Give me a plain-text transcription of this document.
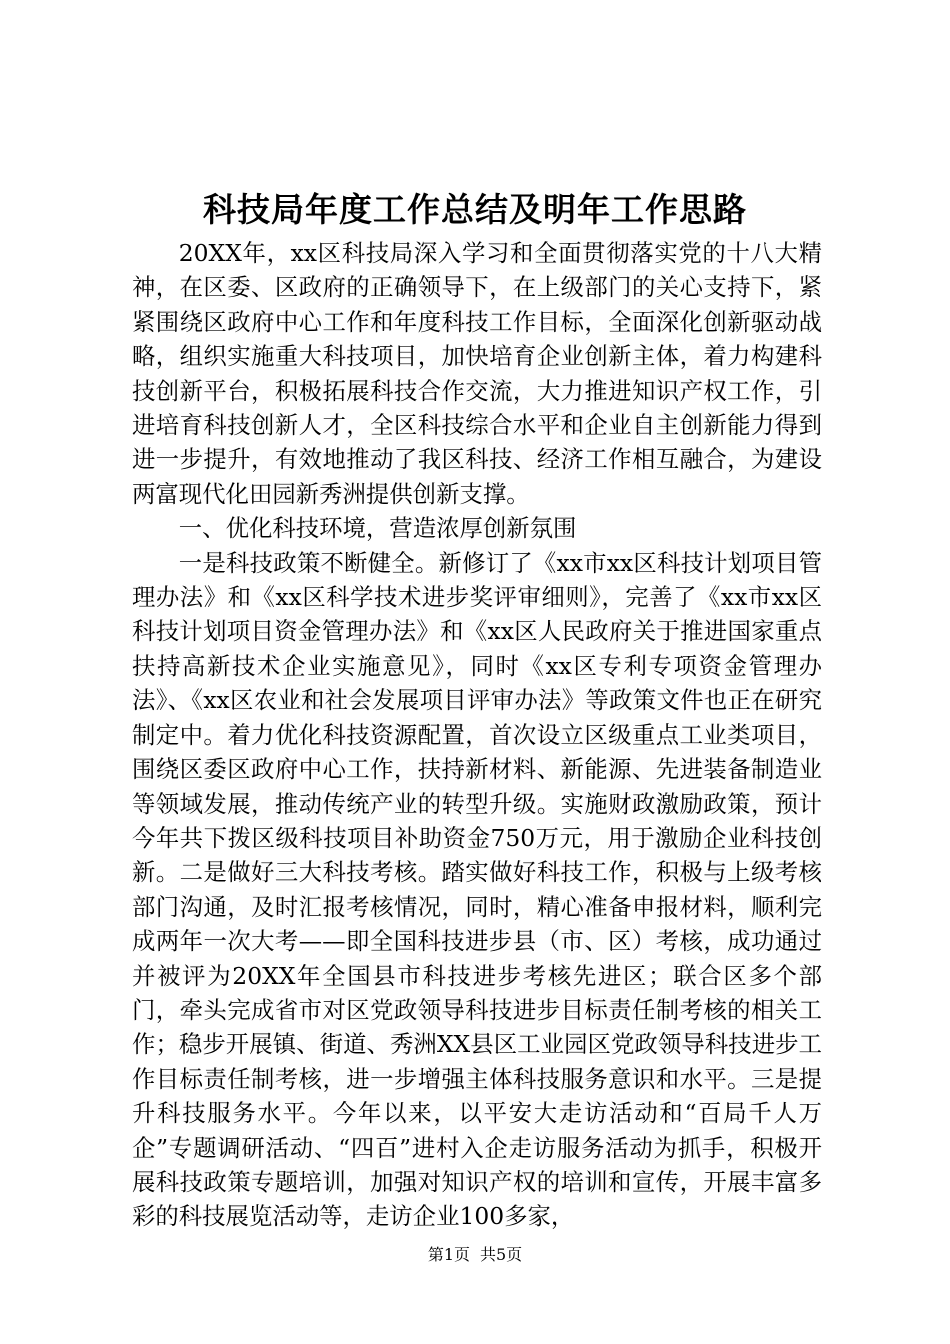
科技局年度工作总结及明年工作思路

20XX年，xx区科技局深入学习和全面贯彻落实党的十八大精神，在区委、区政府的正确领导下，在上级部门的关心支持下，紧紧围绕区政府中心工作和年度科技工作目标，全面深化创新驱动战略，组织实施重大科技项目，加快培育企业创新主体，着力构建科技创新平台，积极拓展科技合作交流，大力推进知识产权工作，引进培育科技创新人才，全区科技综合水平和企业自主创新能力得到进一步提升，有效地推动了我区科技、经济工作相互融合，为建设两富现代化田园新秀洲提供创新支撑。

一、优化科技环境，营造浓厚创新氛围

一是科技政策不断健全。新修订了《xx市xx区科技计划项目管理办法》和《xx区科学技术进步奖评审细则》，完善了《xx市xx区科技计划项目资金管理办法》和《xx区人民政府关于推进国家重点扶持高新技术企业实施意见》，同时《xx区专利专项资金管理办法》、《xx区农业和社会发展项目评审办法》等政策文件也正在研究制定中。着力优化科技资源配置，首次设立区级重点工业类项目，围绕区委区政府中心工作，扶持新材料、新能源、先进装备制造业等领域发展，推动传统产业的转型升级。实施财政激励政策，预计今年共下拨区级科技项目补助资金750万元，用于激励企业科技创新。二是做好三大科技考核。踏实做好科技工作，积极与上级考核部门沟通，及时汇报考核情况，同时，精心准备申报材料，顺利完成两年一次大考——即全国科技进步县（市、区）考核，成功通过并被评为20XX年全国县市科技进步考核先进区；联合区多个部门，牵头完成省市对区党政领导科技进步目标责任制考核的相关工作；稳步开展镇、街道、秀洲XX县区工业园区党政领导科技进步工作目标责任制考核，进一步增强主体科技服务意识和水平。三是提升科技服务水平。今年以来，以平安大走访活动和“百局千人万企”专题调研活动、“四百”进村入企走访服务活动为抓手，积极开展科技政策专题培训，加强对知识产权的培训和宣传，开展丰富多彩的科技展览活动等，走访企业100多家，

第1页 共5页
